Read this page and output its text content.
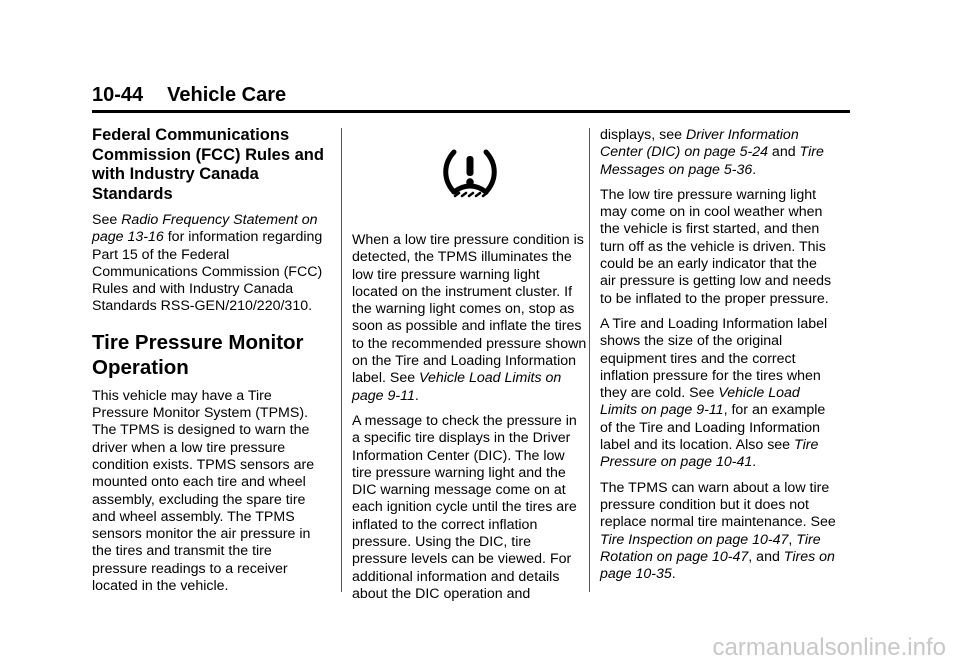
10-44 Vehicle Care
Federal Communications Commission (FCC) Rules and with Industry Canada Standards

See Radio Frequency Statement on page 13-16 for information regarding Part 15 of the Federal Communications Commission (FCC) Rules and with Industry Canada Standards RSS-GEN/210/220/310.

Tire Pressure Monitor Operation

This vehicle may have a Tire Pressure Monitor System (TPMS). The TPMS is designed to warn the driver when a low tire pressure condition exists. TPMS sensors are mounted onto each tire and wheel assembly, excluding the spare tire and wheel assembly. The TPMS sensors monitor the air pressure in the tires and transmit the tire pressure readings to a receiver located in the vehicle.

When a low tire pressure condition is detected, the TPMS illuminates the low tire pressure warning light located on the instrument cluster. If the warning light comes on, stop as soon as possible and inflate the tires to the recommended pressure shown on the Tire and Loading Information label. See Vehicle Load Limits on page 9-11.

A message to check the pressure in a specific tire displays in the Driver Information Center (DIC). The low tire pressure warning light and the DIC warning message come on at each ignition cycle until the tires are inflated to the correct inflation pressure. Using the DIC, tire pressure levels can be viewed. For additional information and details about the DIC operation and

displays, see Driver Information Center (DIC) on page 5-24 and Tire Messages on page 5-36.

The low tire pressure warning light may come on in cool weather when the vehicle is first started, and then turn off as the vehicle is driven. This could be an early indicator that the air pressure is getting low and needs to be inflated to the proper pressure.

A Tire and Loading Information label shows the size of the original equipment tires and the correct inflation pressure for the tires when they are cold. See Vehicle Load Limits on page 9-11, for an example of the Tire and Loading Information label and its location. Also see Tire Pressure on page 10-41.

The TPMS can warn about a low tire pressure condition but it does not replace normal tire maintenance. See Tire Inspection on page 10-47, Tire Rotation on page 10-47, and Tires on page 10-35.

carmanualsonline.info
